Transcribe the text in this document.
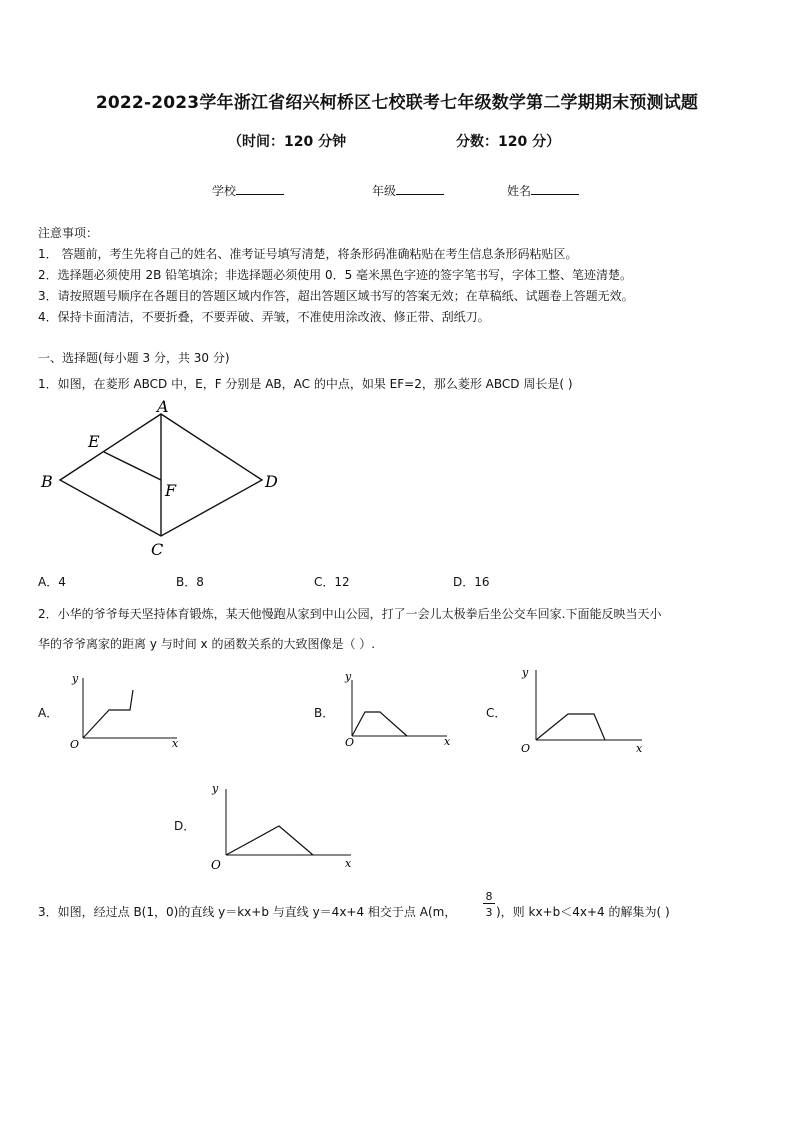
2022-2023学年浙江省绍兴柯桥区七校联考七年级数学第二学期期末预测试题
（时间：120 分钟	分数：120 分）
学校	年级	姓名
注意事项：
1． 答题前，考生先将自己的姓名、准考证号填写清楚，将条形码准确粘贴在考生信息条形码粘贴区。
2．选择题必须使用 2B 铅笔填涂；非选择题必须使用 0．5 毫米黑色字迹的签字笔书写，字体工整、笔迹清楚。
3．请按照题号顺序在各题目的答题区域内作答，超出答题区域书写的答案无效；在草稿纸、试题卷上答题无效。
4．保持卡面清洁，不要折叠，不要弄破、弄皱，不准使用涂改液、修正带、刮纸刀。
一、选择题(每小题 3 分，共 30 分)
1．如图，在菱形 ABCD 中，E，F 分别是 AB，AC 的中点，如果 EF=2，那么菱形 ABCD 周长是( )
A
B
C
D
E
F
A．4	B．8	C．12	D．16
2．小华的爷爷每天坚持体育锻炼，某天他慢跑从家到中山公园，打了一会儿太极拳后坐公交车回家.下面能反映当天小
华的爷爷离家的距离 y 与时间 x 的函数关系的大致图像是（ ）.
A．
y
x
O
B．
y
x
O
C．
y
x
O
D．
y
x
O
3．如图，经过点 B(1，0)的直线 y＝kx+b 与直线 y＝4x+4 相交于点 A(m，
8
3 )，则 kx+b＜4x+4 的解集为( )
